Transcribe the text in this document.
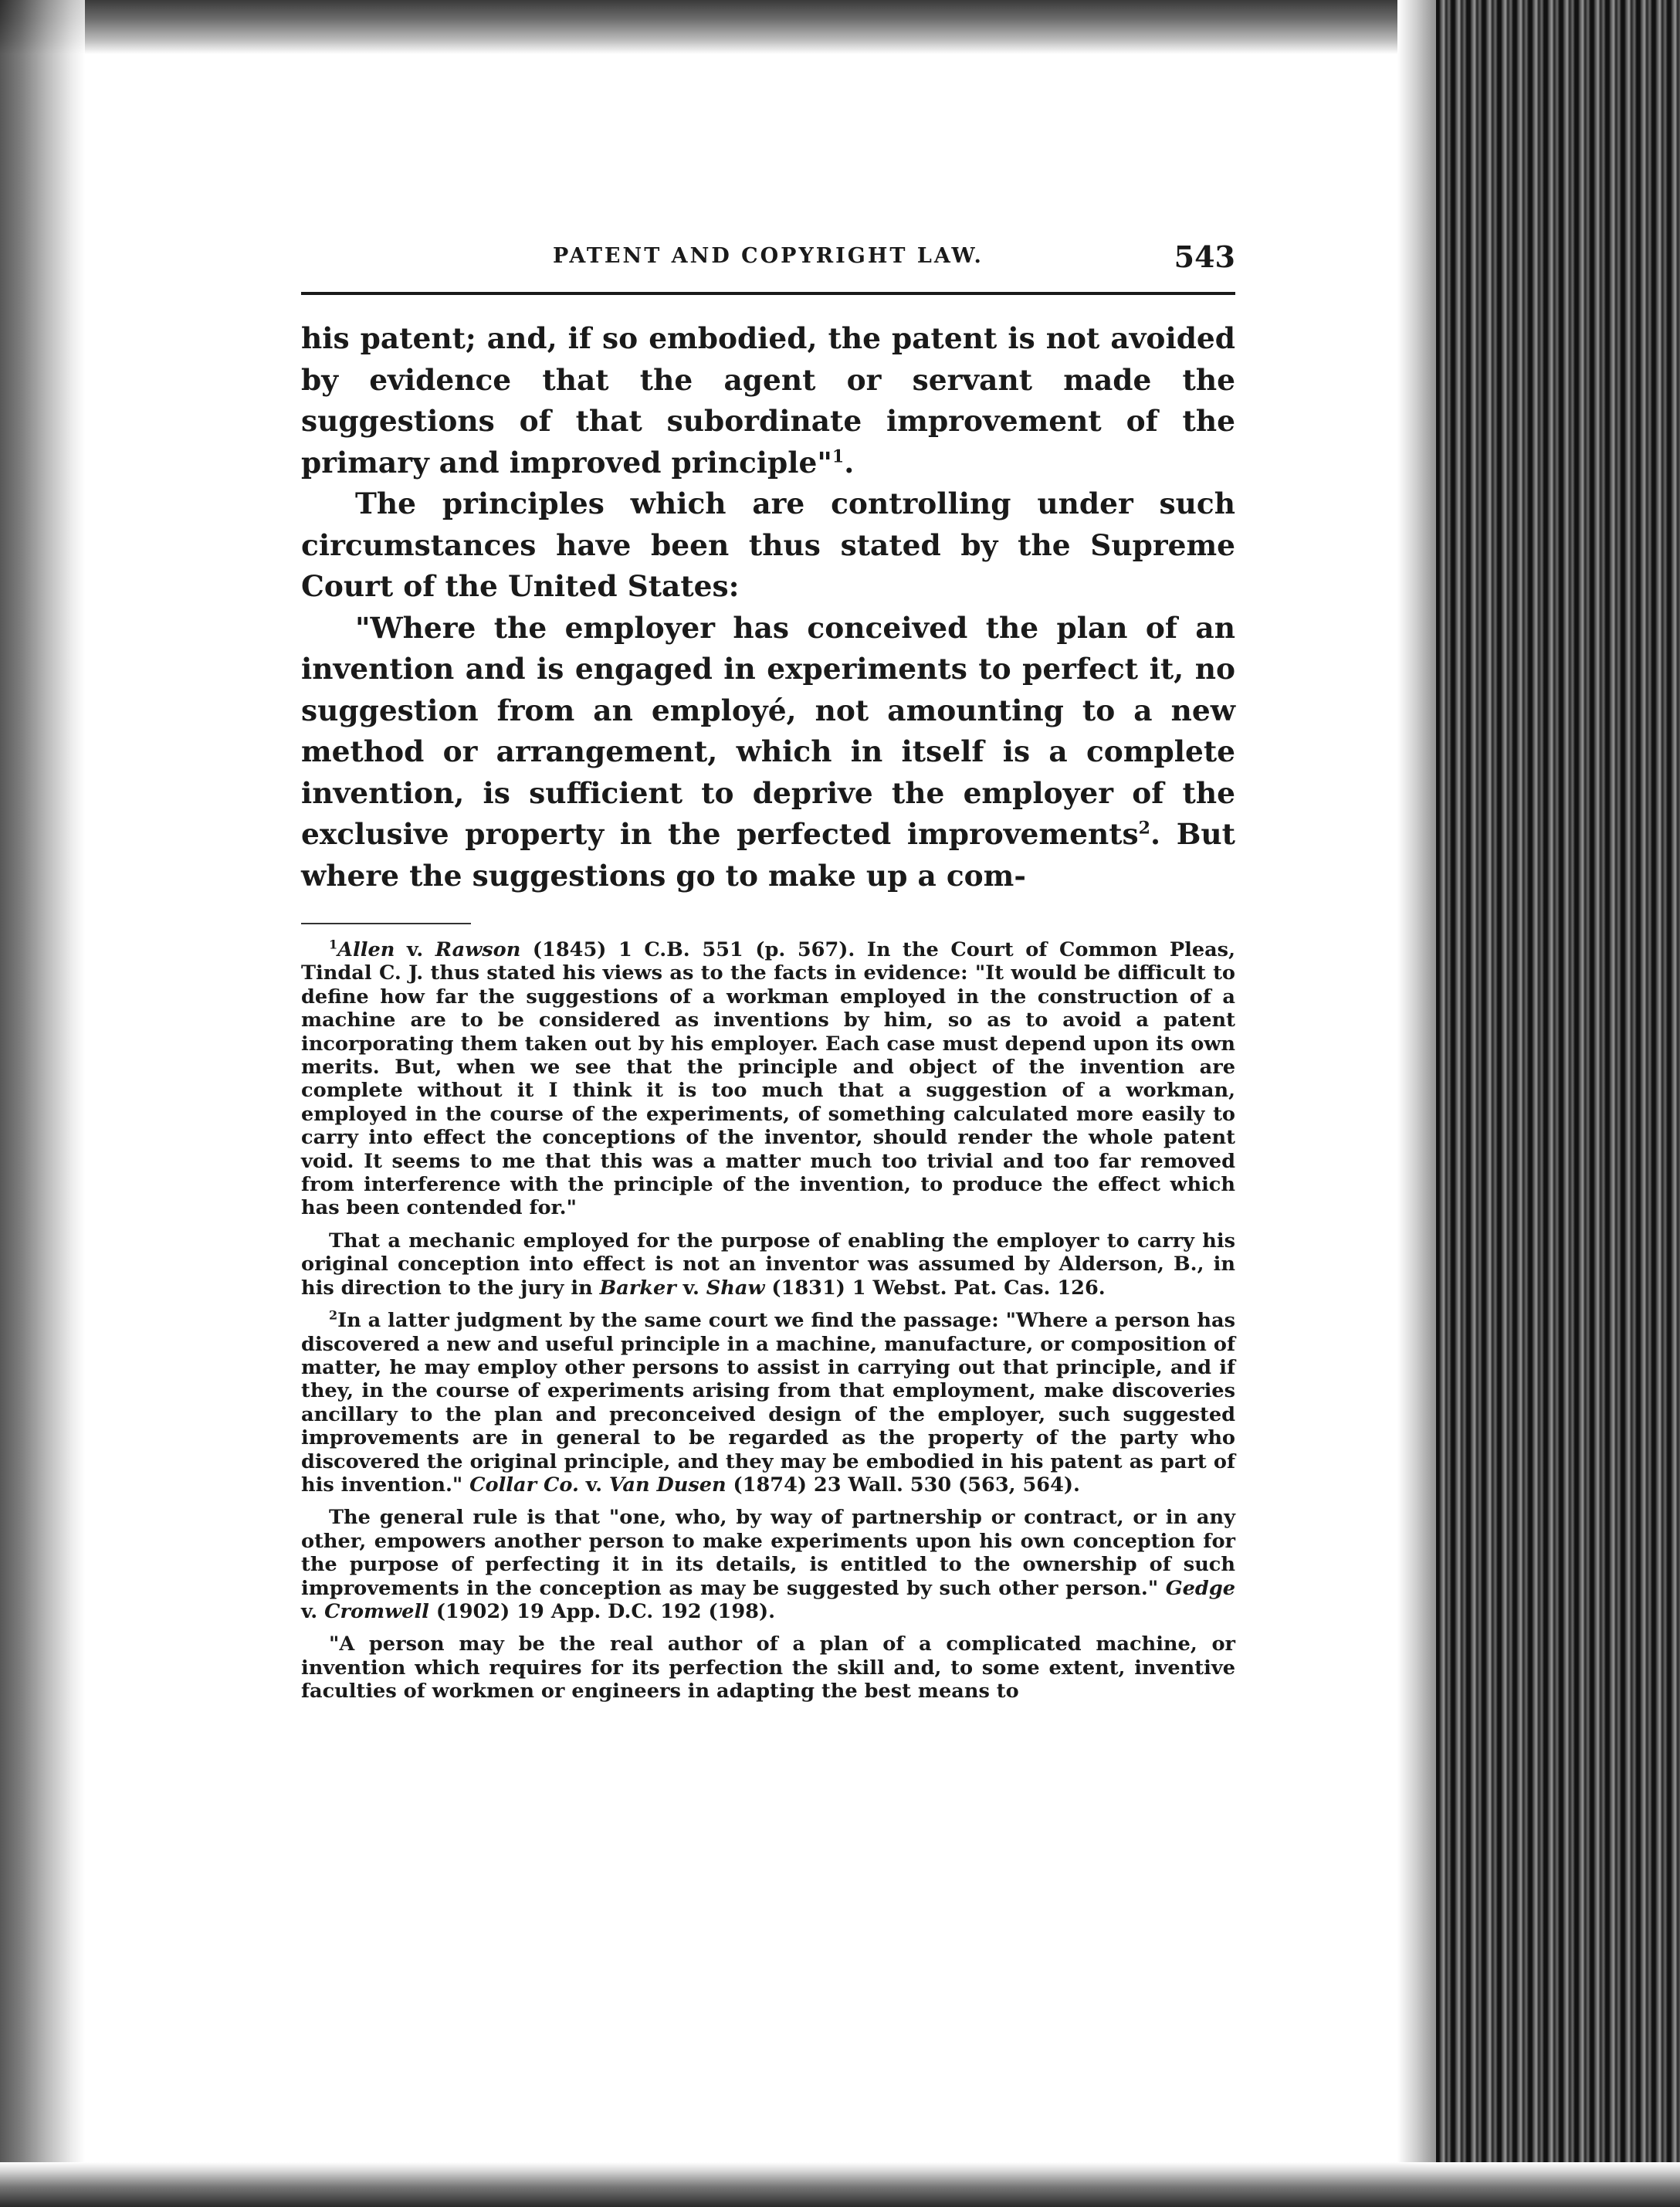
PATENT AND COPYRIGHT LAW.	543

his patent; and, if so embodied, the patent is not avoided by evidence that the agent or servant made the suggestions of that subordinate improvement of the primary and improved principle"$^1$.

The principles which are controlling under such circumstances have been thus stated by the Supreme Court of the United States:

"Where the employer has conceived the plan of an invention and is engaged in experiments to perfect it, no suggestion from an employé, not amounting to a new method or arrangement, which in itself is a complete invention, is sufficient to deprive the employer of the exclusive property in the perfected improvements$^2$. But where the suggestions go to make up a com-

$^1$Allen v. Rawson (1845) 1 C.B. 551 (p. 567). In the Court of Common Pleas, Tindal C. J. thus stated his views as to the facts in evidence: "It would be difficult to define how far the suggestions of a workman employed in the construction of a machine are to be considered as inventions by him, so as to avoid a patent incorporating them taken out by his employer. Each case must depend upon its own merits. But, when we see that the principle and object of the invention are complete without it I think it is too much that a suggestion of a workman, employed in the course of the experiments, of something calculated more easily to carry into effect the conceptions of the inventor, should render the whole patent void. It seems to me that this was a matter much too trivial and too far removed from interference with the principle of the invention, to produce the effect which has been contended for."

That a mechanic employed for the purpose of enabling the employer to carry his original conception into effect is not an inventor was assumed by Alderson, B., in his direction to the jury in Barker v. Shaw (1831) 1 Webst. Pat. Cas. 126.

$^2$In a latter judgment by the same court we find the passage: "Where a person has discovered a new and useful principle in a machine, manufacture, or composition of matter, he may employ other persons to assist in carrying out that principle, and if they, in the course of experiments arising from that employment, make discoveries ancillary to the plan and preconceived design of the employer, such suggested improvements are in general to be regarded as the property of the party who discovered the original principle, and they may be embodied in his patent as part of his invention." Collar Co. v. Van Dusen (1874) 23 Wall. 530 (563, 564).

The general rule is that "one, who, by way of partnership or contract, or in any other, empowers another person to make experiments upon his own conception for the purpose of perfecting it in its details, is entitled to the ownership of such improvements in the conception as may be suggested by such other person." Gedge v. Cromwell (1902) 19 App. D.C. 192 (198).

"A person may be the real author of a plan of a complicated machine, or invention which requires for its perfection the skill and, to some extent, inventive faculties of workmen or engineers in adapting the best means to
